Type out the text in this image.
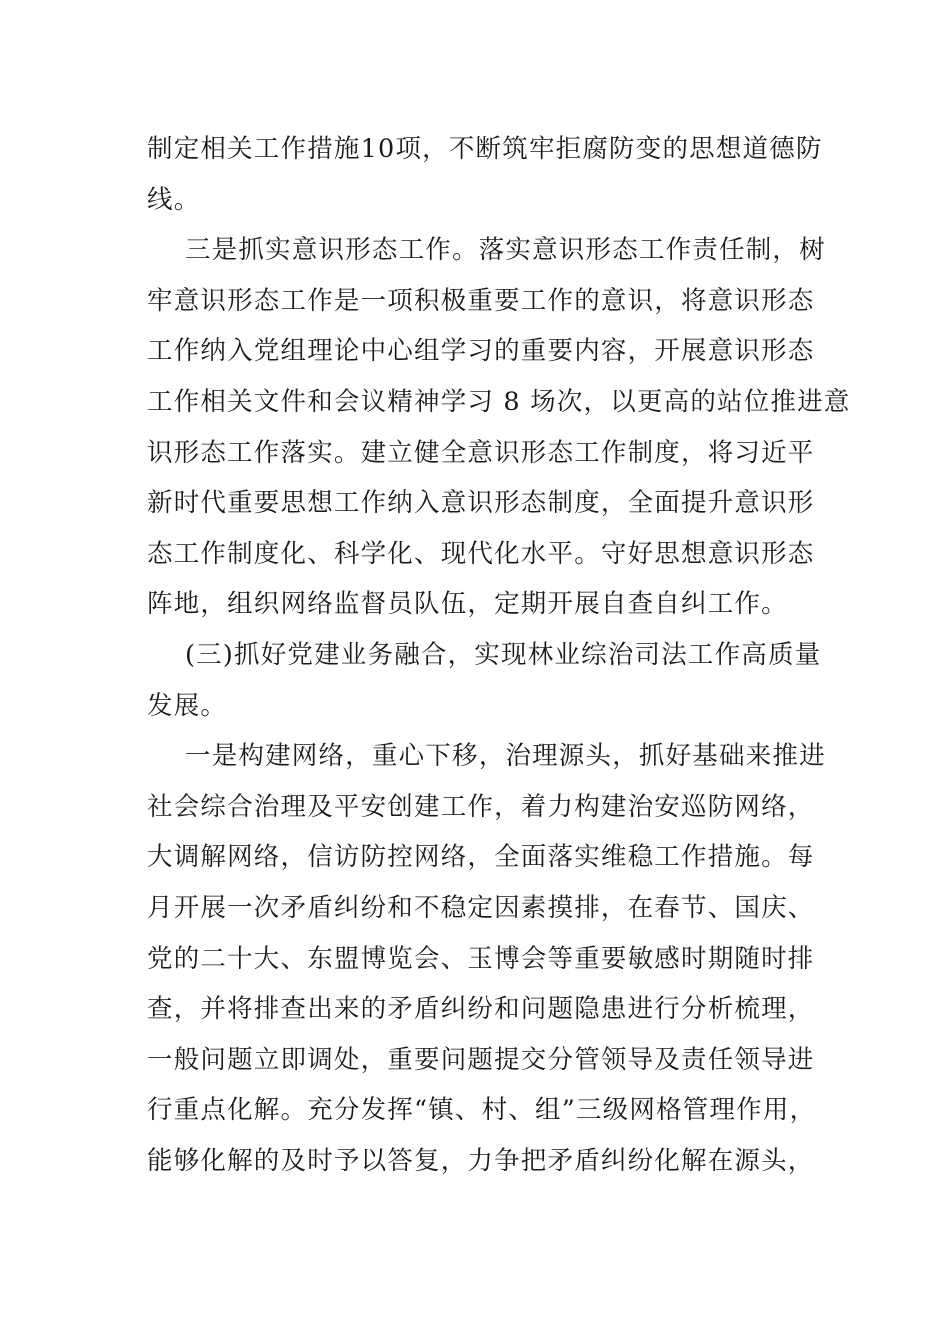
制定相关工作措施10项，不断筑牢拒腐防变的思想道德防
线。
三是抓实意识形态工作。落实意识形态工作责任制，树
牢意识形态工作是一项积极重要工作的意识，将意识形态
工作纳入党组理论中心组学习的重要内容，开展意识形态
工作相关文件和会议精神学习 8 场次，以更高的站位推进意
识形态工作落实。建立健全意识形态工作制度，将习近平
新时代重要思想工作纳入意识形态制度，全面提升意识形
态工作制度化、科学化、现代化水平。守好思想意识形态
阵地，组织网络监督员队伍，定期开展自查自纠工作。
(三)抓好党建业务融合，实现林业综治司法工作高质量
发展。
一是构建网络，重心下移，治理源头，抓好基础来推进
社会综合治理及平安创建工作，着力构建治安巡防网络，
大调解网络，信访防控网络，全面落实维稳工作措施。每
月开展一次矛盾纠纷和不稳定因素摸排，在春节、国庆、
党的二十大、东盟博览会、玉博会等重要敏感时期随时排
查，并将排查出来的矛盾纠纷和问题隐患进行分析梳理，
一般问题立即调处，重要问题提交分管领导及责任领导进
行重点化解。充分发挥“镇、村、组”三级网格管理作用，
能够化解的及时予以答复，力争把矛盾纠纷化解在源头，
